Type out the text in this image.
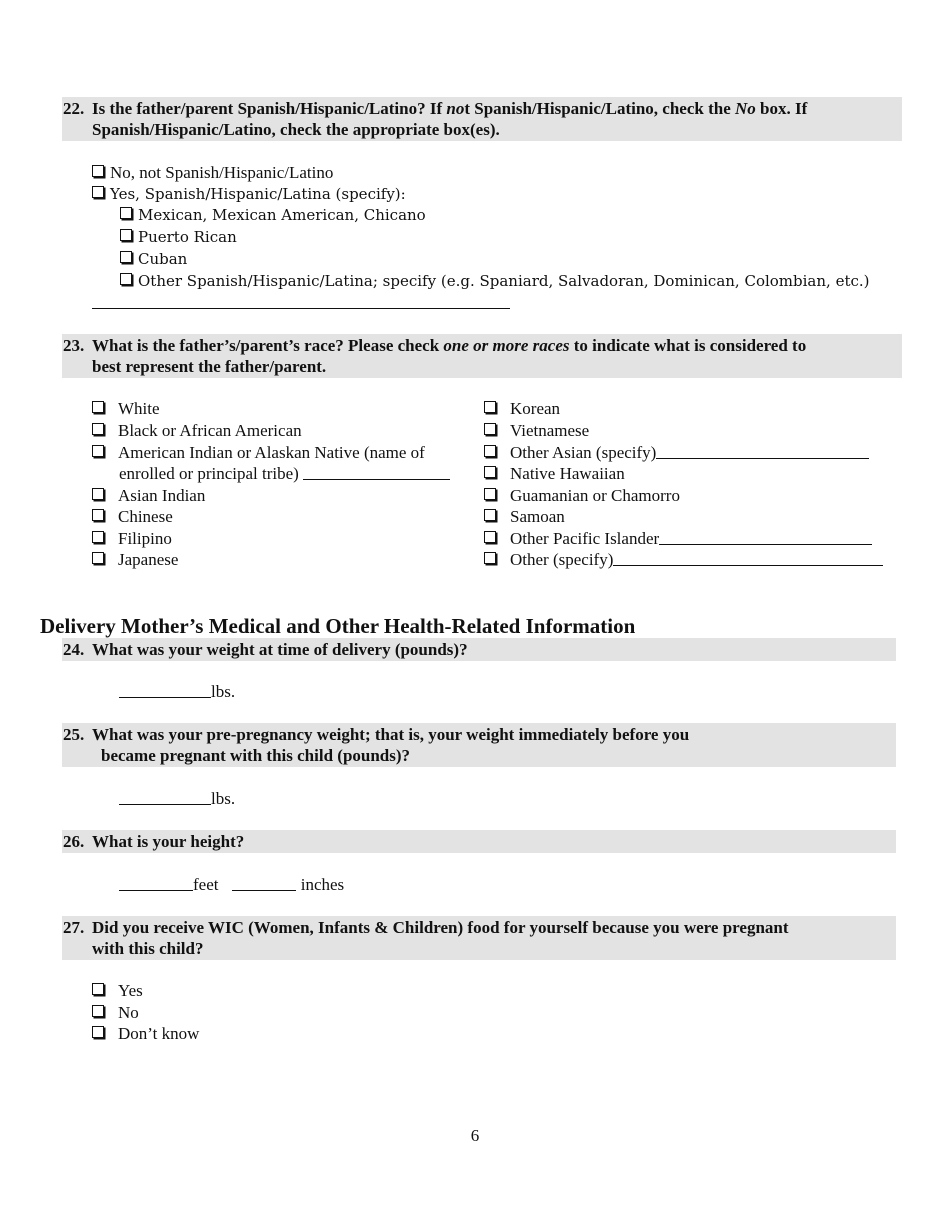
22. Is the father/parent Spanish/Hispanic/Latino? If not Spanish/Hispanic/Latino, check the No box. If
Spanish/Hispanic/Latino, check the appropriate box(es).
No, not Spanish/Hispanic/Latino
Yes, Spanish/Hispanic/Latina (specify):
Mexican, Mexican American, Chicano
Puerto Rican
Cuban
Other Spanish/Hispanic/Latina; specify (e.g. Spaniard, Salvadoran, Dominican, Colombian, etc.)
23. What is the father’s/parent’s race? Please check one or more races to indicate what is considered to
best represent the father/parent.
White
Black or African American
American Indian or Alaskan Native (name of
enrolled or principal tribe)
Asian Indian
Chinese
Filipino
Japanese
Korean
Vietnamese
Other Asian (specify)
Native Hawaiian
Guamanian or Chamorro
Samoan
Other Pacific Islander
Other (specify)
Delivery Mother’s Medical and Other Health-Related Information
24. What was your weight at time of delivery (pounds)?
lbs.
25. What was your pre-pregnancy weight; that is, your weight immediately before you
became pregnant with this child (pounds)?
lbs.
26. What is your height?
feet	inches
27. Did you receive WIC (Women, Infants & Children) food for yourself because you were pregnant
with this child?
Yes
No
Don’t know
6
